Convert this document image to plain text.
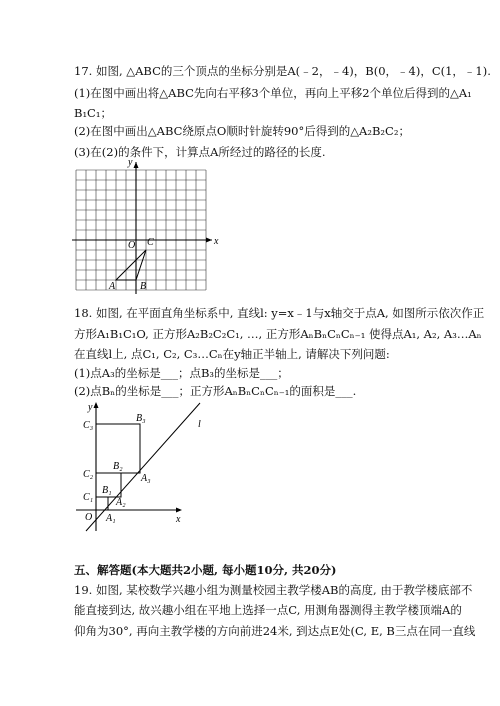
17. 如图, △ABC的三个顶点的坐标分别是A(﹣2，﹣4)，B(0，﹣4)，C(1，﹣1).
(1)在图中画出将△ABC先向右平移3个单位，再向上平移2个单位后得到的△A₁
B₁C₁；
(2)在图中画出△ABC绕原点O顺时针旋转90°后得到的△A₂B₂C₂；
(3)在(2)的条件下，计算点A所经过的路径的长度.
x
y
O
A B
C
18. 如图, 在平面直角坐标系中, 直线l: y=x﹣1与x轴交于点A, 如图所示依次作正
方形A₁B₁C₁O, 正方形A₂B₂C₂C₁, …, 正方形AₙBₙCₙCₙ₋₁ 使得点A₁, A₂, A₃…Aₙ
在直线l上, 点C₁, C₂, C₃…Cₙ在y轴正半轴上, 请解决下列问题:
(1)点A₃的坐标是___；点B₃的坐标是___；
(2)点Bₙ的坐标是___；正方形AₙBₙCₙCₙ₋₁的面积是___.
x
y
O
l
C₁
C₂
C₃
B₁
B₂
B₃
A₁
A₂
A₃
五、解答题(本大题共2小题, 每小题10分, 共20分)
19. 如图, 某校数学兴趣小组为测量校园主教学楼AB的高度, 由于教学楼底部不
能直接到达, 故兴趣小组在平地上选择一点C, 用测角器测得主教学楼顶端A的
仰角为30°, 再向主教学楼的方向前进24米, 到达点E处(C, E, B三点在同一直线
